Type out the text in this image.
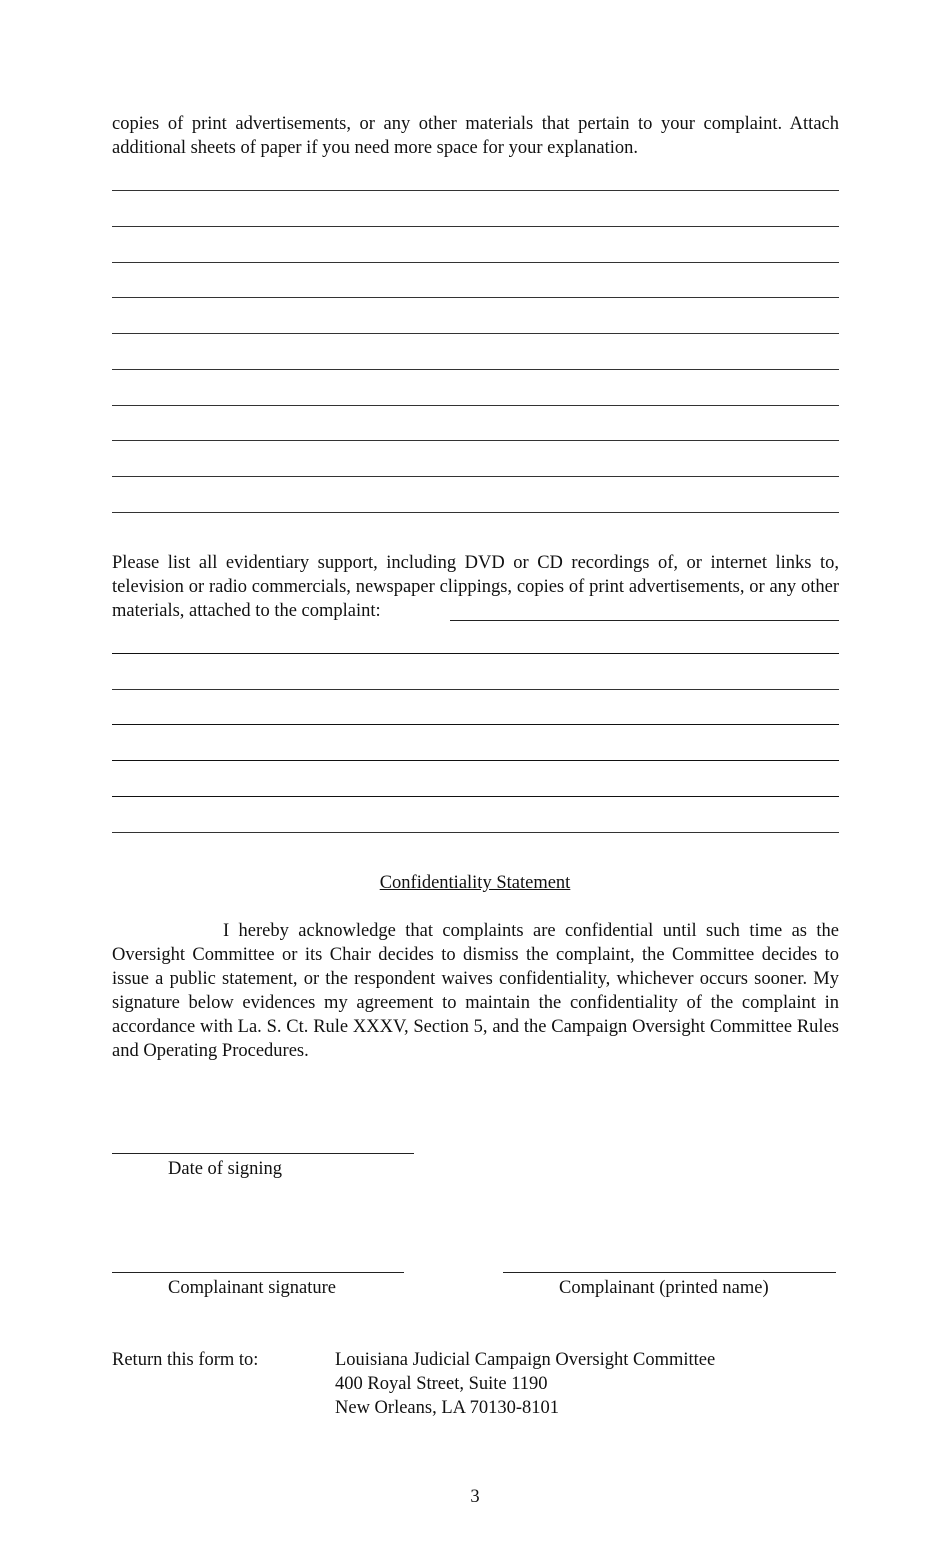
copies of print advertisements, or any other materials that pertain to your complaint. Attach additional sheets of paper if you need more space for your explanation.
Please list all evidentiary support, including DVD or CD recordings of, or internet links to, television or radio commercials, newspaper clippings, copies of print advertisements, or any other materials, attached to the complaint:
Confidentiality Statement
I hereby acknowledge that complaints are confidential until such time as the Oversight Committee or its Chair decides to dismiss the complaint, the Committee decides to issue a public statement, or the respondent waives confidentiality, whichever occurs sooner. My signature below evidences my agreement to maintain the confidentiality of the complaint in accordance with La. S. Ct. Rule XXXV, Section 5, and the Campaign Oversight Committee Rules and Operating Procedures.
Date of signing
Complainant signature	Complainant (printed name)
Return this form to:	Louisiana Judicial Campaign Oversight Committee
400 Royal Street, Suite 1190
New Orleans, LA 70130-8101
3
